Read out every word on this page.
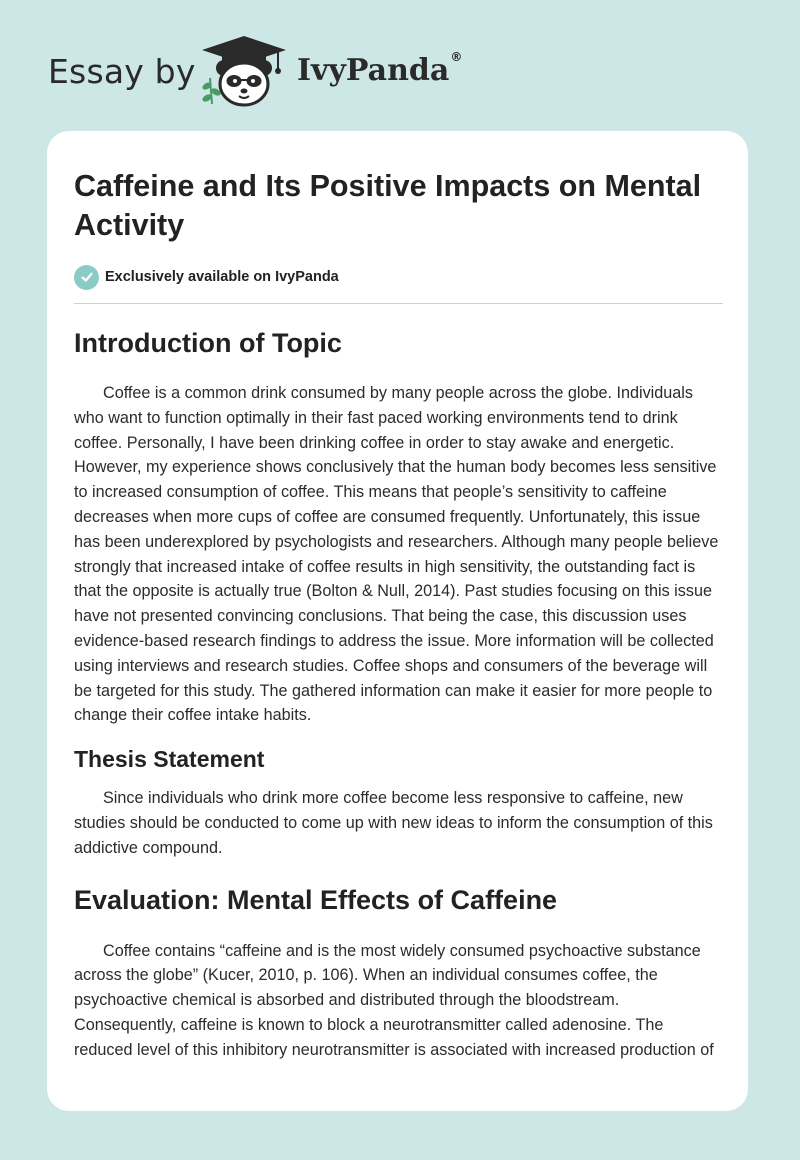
Essay by	IvyPanda®
Caffeine and Its Positive Impacts on Mental Activity
Exclusively available on IvyPanda
Introduction of Topic

Coffee is a common drink consumed by many people across the globe. Individuals who want to function optimally in their fast paced working environments tend to drink coffee. Personally, I have been drinking coffee in order to stay awake and energetic. However, my experience shows conclusively that the human body becomes less sensitive to increased consumption of coffee. This means that people’s sensitivity to caffeine decreases when more cups of coffee are consumed frequently. Unfortunately, this issue has been underexplored by psychologists and researchers. Although many people believe strongly that increased intake of coffee results in high sensitivity, the outstanding fact is that the opposite is actually true (Bolton & Null, 2014). Past studies focusing on this issue have not presented convincing conclusions. That being the case, this discussion uses evidence-based research findings to address the issue. More information will be collected using interviews and research studies. Coffee shops and consumers of the beverage will be targeted for this study. The gathered information can make it easier for more people to change their coffee intake habits.

Thesis Statement

Since individuals who drink more coffee become less responsive to caffeine, new studies should be conducted to come up with new ideas to inform the consumption of this addictive compound.

Evaluation: Mental Effects of Caffeine

Coffee contains “caffeine and is the most widely consumed psychoactive substance across the globe” (Kucer, 2010, p. 106). When an individual consumes coffee, the psychoactive chemical is absorbed and distributed through the bloodstream. Consequently, caffeine is known to block a neurotransmitter called adenosine. The reduced level of this inhibitory neurotransmitter is associated with increased production of
